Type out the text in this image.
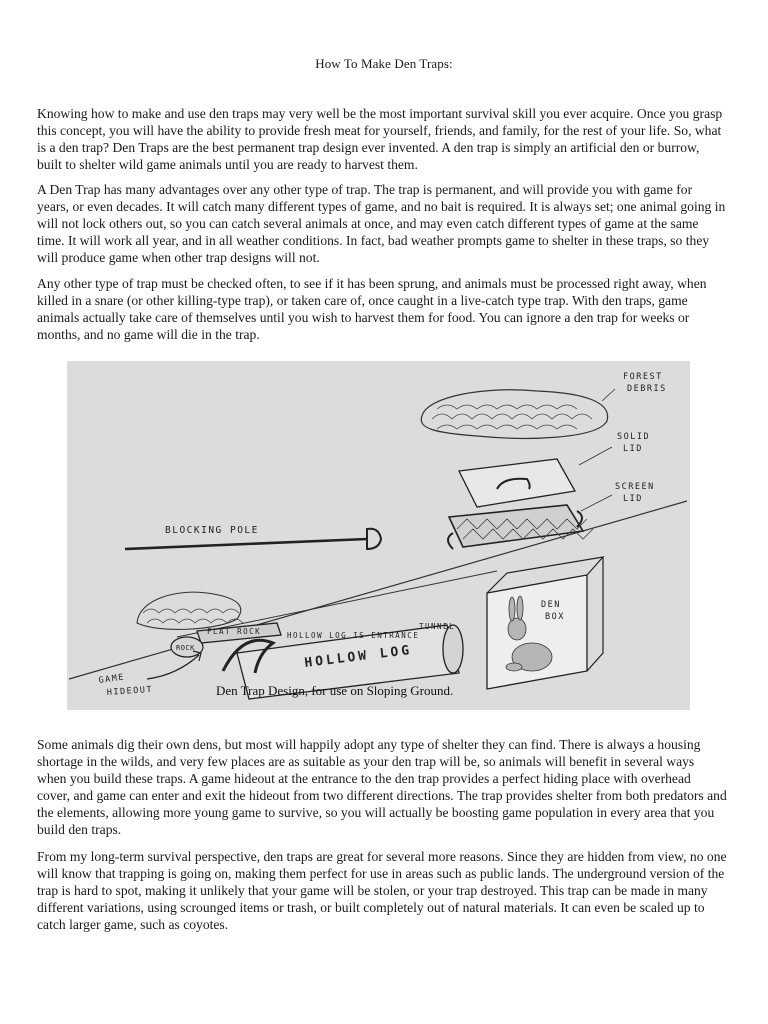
How To Make Den Traps:

Knowing how to make and use den traps may very well be the most important survival skill you ever acquire. Once you grasp this concept, you will have the ability to provide fresh meat for yourself, friends, and family, for the rest of your life. So, what is a den trap? Den Traps are the best permanent trap design ever invented. A den trap is simply an artificial den or burrow, built to shelter wild game animals until you are ready to harvest them.

A Den Trap has many advantages over any other type of trap. The trap is permanent, and will provide you with game for years, or even decades. It will catch many different types of game, and no bait is required. It is always set; one animal going in will not lock others out, so you can catch several animals at once, and may even catch different types of game at the same time. It will work all year, and in all weather conditions. In fact, bad weather prompts game to shelter in these traps, so they will produce game when other trap designs will not.

Any other type of trap must be checked often, to see if it has been sprung, and animals must be processed right away, when killed in a snare (or other killing-type trap), or taken care of, once caught in a live-catch type trap. With den traps, game animals actually take care of themselves until you wish to harvest them for food. You can ignore a den trap for weeks or months, and no game will die in the trap.

FOREST
DEBRIS
SOLID
LID
SCREEN
LID
BLOCKING POLE
FLAT ROCK
ROCK
HOLLOW LOG IS ENTRANCE
TUNNEL
HOLLOW LOG
DEN
BOX
GAME
HIDEOUT	Den Trap Design, for use on Sloping Ground.

Some animals dig their own dens, but most will happily adopt any type of shelter they can find. There is always a housing shortage in the wilds, and very few places are as suitable as your den trap will be, so animals will benefit in several ways when you build these traps. A game hideout at the entrance to the den trap provides a perfect hiding place with overhead cover, and game can enter and exit the hideout from two different directions. The trap provides shelter from both predators and the elements, allowing more young game to survive, so you will actually be boosting game population in every area that you build den traps.

From my long-term survival perspective, den traps are great for several more reasons. Since they are hidden from view, no one will know that trapping is going on, making them perfect for use in areas such as public lands. The underground version of the trap is hard to spot, making it unlikely that your game will be stolen, or your trap destroyed. This trap can be made in many different variations, using scrounged items or trash, or built completely out of natural materials. It can even be scaled up to catch larger game, such as coyotes.
